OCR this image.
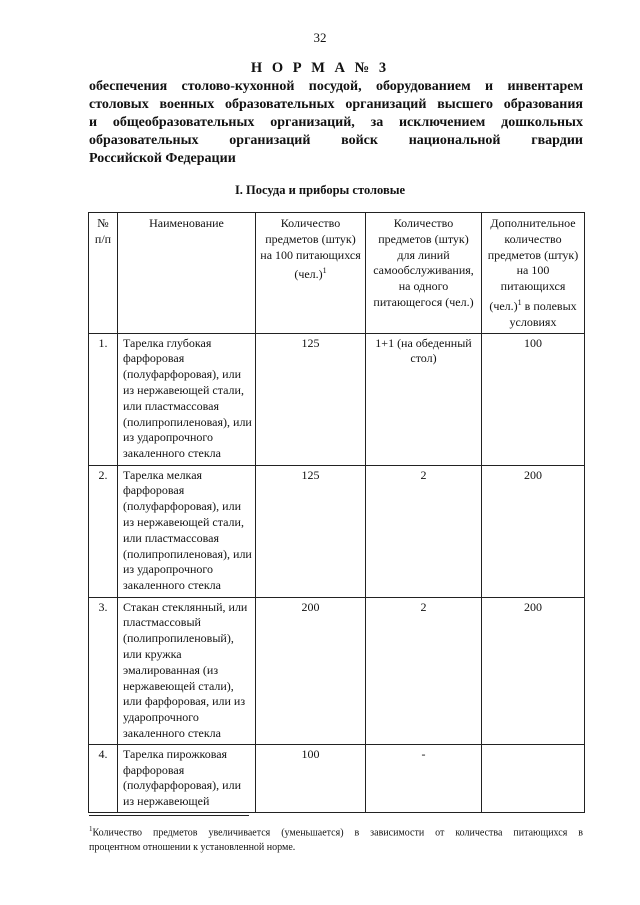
32
Н О Р М А № 3
обеспечения столово-кухонной посудой, оборудованием и инвентарем
столовых военных образовательных организаций высшего образования
и общеобразовательных организаций, за исключением дошкольных
образовательных организаций войск национальной гвардии
Российской Федерации
I. Посуда и приборы столовые
№ п/п	Наименование	Количество предметов (штук) на 100 питающихся $(чел.)^1$	Количество предметов (штук) для линий самообслуживания, на одного питающегося (чел.)	Дополнительное количество предметов (штук) на 100 питающихся $(чел.)^1$ в полевых условиях
1.	Тарелка глубокая фарфоровая (полуфарфоровая), или из нержавеющей стали, или пластмассовая (полипропиленовая), или из ударопрочного закаленного стекла	125	1+1 (на обеденный стол)	100
2.	Тарелка мелкая фарфоровая (полуфарфоровая), или из нержавеющей стали, или пластмассовая (полипропиленовая), или из ударопрочного закаленного стекла	125	2	200
3.	Стакан стеклянный, или пластмассовый (полипропиленовый), или кружка эмалированная (из нержавеющей стали), или фарфоровая, или из ударопрочного закаленного стекла	200	2	200
4.	Тарелка пирожковая фарфоровая (полуфарфоровая), или из нержавеющей	100	-	
$^1$Количество предметов увеличивается (уменьшается) в зависимости от количества питающихся в
процентном отношении к установленной норме.
